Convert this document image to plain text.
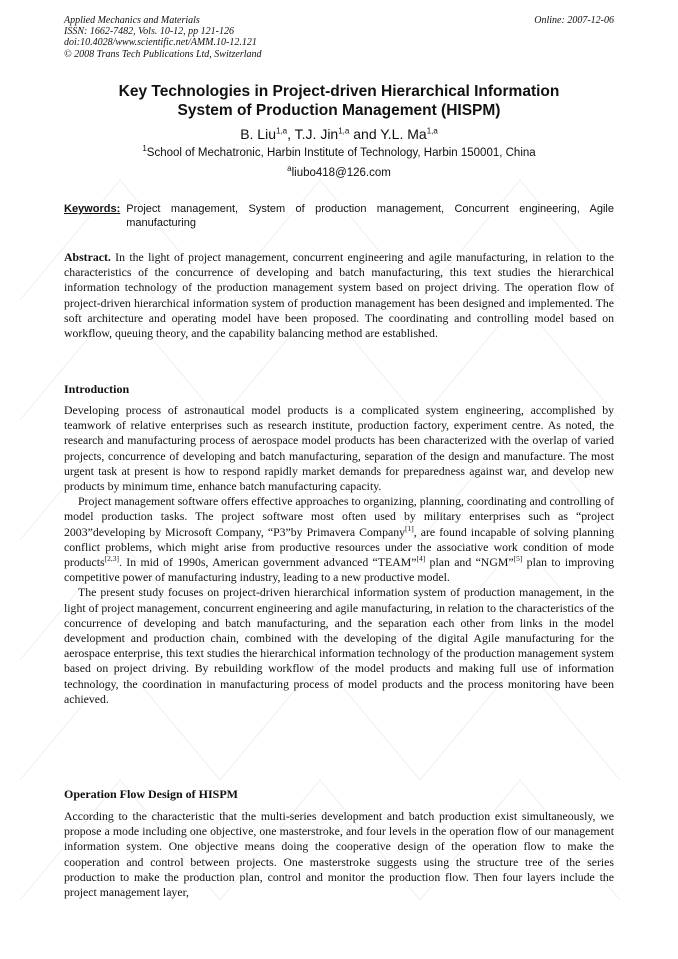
Applied Mechanics and Materials
ISSN: 1662-7482, Vols. 10-12, pp 121-126
doi:10.4028/www.scientific.net/AMM.10-12.121
© 2008 Trans Tech Publications Ltd, Switzerland
Online: 2007-12-06
Key Technologies in Project-driven Hierarchical Information
System of Production Management (HISPM)
B. Liu$^{1,a}$, T.J. Jin$^{1,a}$ and Y.L. Ma$^{1,a}$
$^1$School of Mechatronic, Harbin Institute of Technology, Harbin 150001, China
$^a$liubo418@126.com
Keywords: Project management, System of production management, Concurrent engineering, Agile manufacturing

Abstract. In the light of project management, concurrent engineering and agile manufacturing, in relation to the characteristics of the concurrence of developing and batch manufacturing, this text studies the hierarchical information technology of the production management system based on project driving. The operation flow of project-driven hierarchical information system of production management has been designed and implemented. The soft architecture and operating model have been proposed. The coordinating and controlling model based on workflow, queuing theory, and the capability balancing method are established.

Introduction

Developing process of astronautical model products is a complicated system engineering, accomplished by teamwork of relative enterprises such as research institute, production factory, experiment centre. As noted, the research and manufacturing process of aerospace model products has been characterized with the overlap of varied projects, concurrence of developing and batch manufacturing, separation of the design and manufacture. The most urgent task at present is how to respond rapidly market demands for preparedness against war, and develop new products by minimum time, enhance batch manufacturing capacity.

Project management software offers effective approaches to organizing, planning, coordinating and controlling of model production tasks. The project software most often used by military enterprises such as “project 2003”developing by Microsoft Company, “P3”by Primavera Company[1], are found incapable of solving planning conflict problems, which might arise from productive resources under the associative work condition of mode products[2,3]. In mid of 1990s, American government advanced “TEAM”[4] plan and “NGM”[5] plan to improving competitive power of manufacturing industry, leading to a new productive model.

The present study focuses on project-driven hierarchical information system of production management, in the light of project management, concurrent engineering and agile manufacturing, in relation to the characteristics of the concurrence of developing and batch manufacturing, and the separation each other from links in the model development and production chain, combined with the developing of the digital Agile manufacturing for the aerospace enterprise, this text studies the hierarchical information technology of the production management system based on project driving. By rebuilding workflow of the model products and making full use of information technology, the coordination in manufacturing process of model products and the process monitoring have been achieved.

Operation Flow Design of HISPM

According to the characteristic that the multi-series development and batch production exist simultaneously, we propose a mode including one objective, one masterstroke, and four levels in the operation flow of our management information system. One objective means doing the cooperative design of the operation flow to make the cooperation and control between projects. One masterstroke suggests using the structure tree of the series production to make the production plan, control and monitor the production flow. Then four layers include the project management layer,
